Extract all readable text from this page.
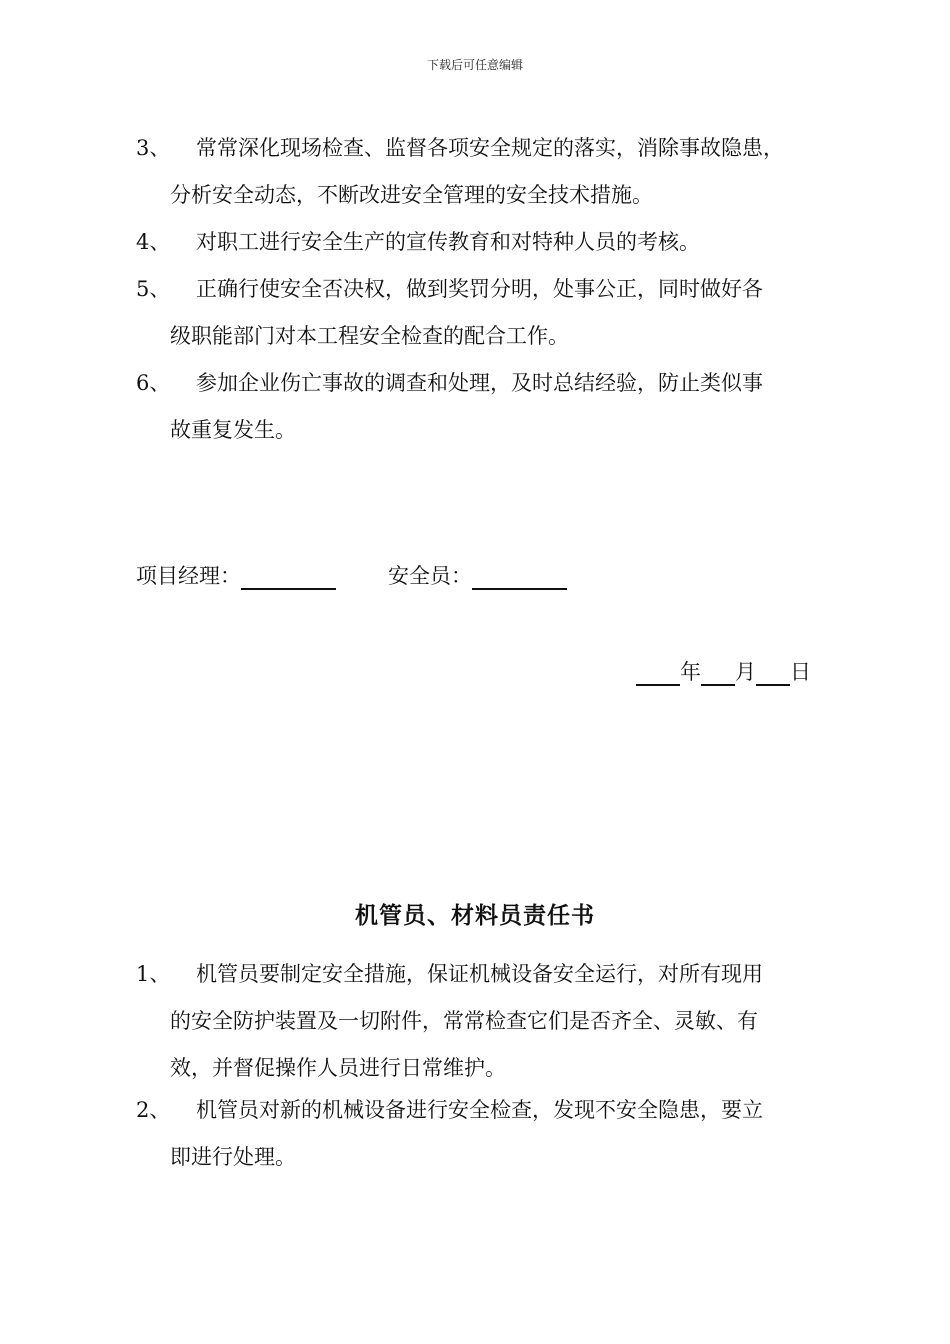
下载后可任意编辑
3、 常常深化现场检查、监督各项安全规定的落实，消除事故隐患，
分析安全动态，不断改进安全管理的安全技术措施。
4、 对职工进行安全生产的宣传教育和对特种人员的考核。
5、 正确行使安全否决权，做到奖罚分明，处事公正，同时做好各
级职能部门对本工程安全检查的配合工作。
6、 参加企业伤亡事故的调查和处理，及时总结经验，防止类似事
故重复发生。
项目经理：	安全员：
年 月 日
机管员、材料员责任书
1、 机管员要制定安全措施，保证机械设备安全运行，对所有现用
的安全防护装置及一切附件，常常检查它们是否齐全、灵敏、有
效，并督促操作人员进行日常维护。
2、 机管员对新的机械设备进行安全检查，发现不安全隐患，要立
即进行处理。
